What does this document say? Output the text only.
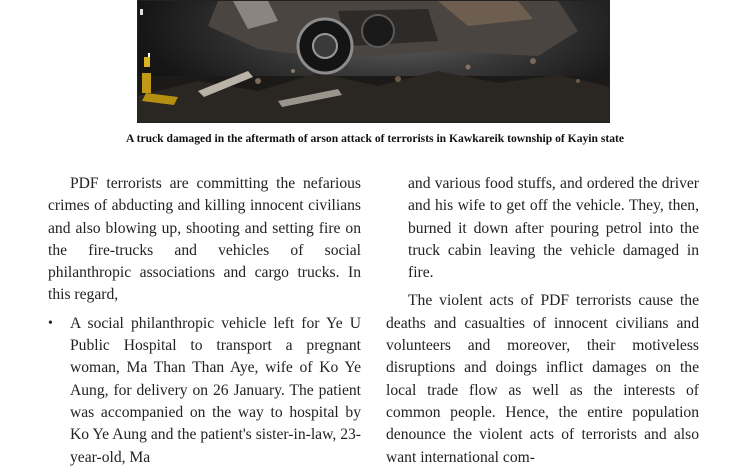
A truck damaged in the aftermath of arson attack of terrorists in Kawkareik township of Kayin state

PDF terrorists are committing the nefarious crimes of abducting and killing innocent civilians and also blowing up, shooting and setting fire on the fire-trucks and vehicles of social philanthropic associations and cargo trucks. In this regard,

•	A social philanthropic vehicle left for Ye U Public Hospital to transport a pregnant woman, Ma Than Than Aye, wife of Ko Ye Aung, for delivery on 26 January. The patient was accompanied on the way to hospital by Ko Ye Aung and the patient's sister-in-law, 23-year-old, Ma

and various food stuffs, and ordered the driver and his wife to get off the vehicle. They, then, burned it down after pouring petrol into the truck cabin leaving the vehicle damaged in fire.

The violent acts of PDF terrorists cause the deaths and casualties of innocent civilians and volunteers and moreover, their motiveless disruptions and doings inflict damages on the local trade flow as well as the interests of common people. Hence, the entire population denounce the violent acts of terrorists and also want international com-
